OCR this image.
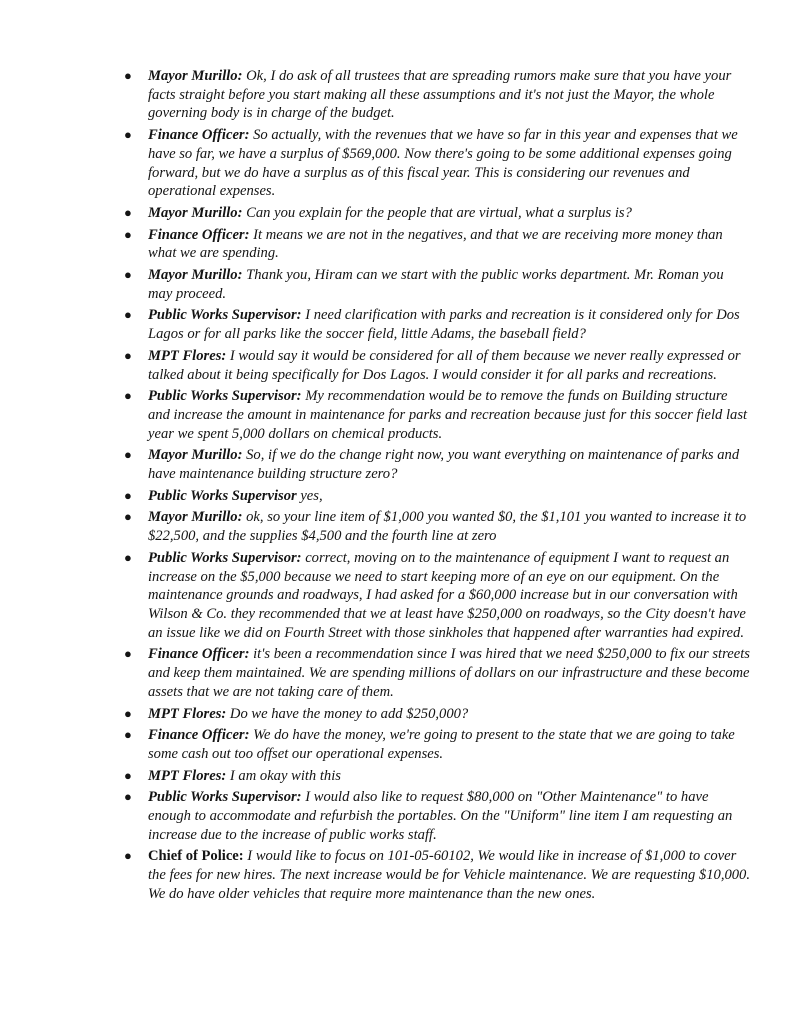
● Mayor Murillo: Ok, I do ask of all trustees that are spreading rumors make sure that you have your facts straight before you start making all these assumptions and it's not just the Mayor, the whole governing body is in charge of the budget.
● Finance Officer: So actually, with the revenues that we have so far in this year and expenses that we have so far, we have a surplus of $569,000. Now there's going to be some additional expenses going forward, but we do have a surplus as of this fiscal year. This is considering our revenues and operational expenses.
● Mayor Murillo: Can you explain for the people that are virtual, what a surplus is?
● Finance Officer: It means we are not in the negatives, and that we are receiving more money than what we are spending.
● Mayor Murillo: Thank you, Hiram can we start with the public works department. Mr. Roman you may proceed.
● Public Works Supervisor: I need clarification with parks and recreation is it considered only for Dos Lagos or for all parks like the soccer field, little Adams, the baseball field?
● MPT Flores: I would say it would be considered for all of them because we never really expressed or talked about it being specifically for Dos Lagos. I would consider it for all parks and recreations.
● Public Works Supervisor: My recommendation would be to remove the funds on Building structure and increase the amount in maintenance for parks and recreation because just for this soccer field last year we spent 5,000 dollars on chemical products.
● Mayor Murillo: So, if we do the change right now, you want everything on maintenance of parks and have maintenance building structure zero?
● Public Works Supervisor yes,
● Mayor Murillo: ok, so your line item of $1,000 you wanted $0, the $1,101 you wanted to increase it to $22,500, and the supplies $4,500 and the fourth line at zero
● Public Works Supervisor: correct, moving on to the maintenance of equipment I want to request an increase on the $5,000 because we need to start keeping more of an eye on our equipment. On the maintenance grounds and roadways, I had asked for a $60,000 increase but in our conversation with Wilson & Co. they recommended that we at least have $250,000 on roadways, so the City doesn't have an issue like we did on Fourth Street with those sinkholes that happened after warranties had expired.
● Finance Officer: it's been a recommendation since I was hired that we need $250,000 to fix our streets and keep them maintained. We are spending millions of dollars on our infrastructure and these become assets that we are not taking care of them.
● MPT Flores: Do we have the money to add $250,000?
● Finance Officer: We do have the money, we're going to present to the state that we are going to take some cash out too offset our operational expenses.
● MPT Flores: I am okay with this
● Public Works Supervisor: I would also like to request $80,000 on "Other Maintenance" to have enough to accommodate and refurbish the portables. On the "Uniform" line item I am requesting an increase due to the increase of public works staff.
● Chief of Police: I would like to focus on 101-05-60102, We would like in increase of $1,000 to cover the fees for new hires. The next increase would be for Vehicle maintenance. We are requesting $10,000. We do have older vehicles that require more maintenance than the new ones.
